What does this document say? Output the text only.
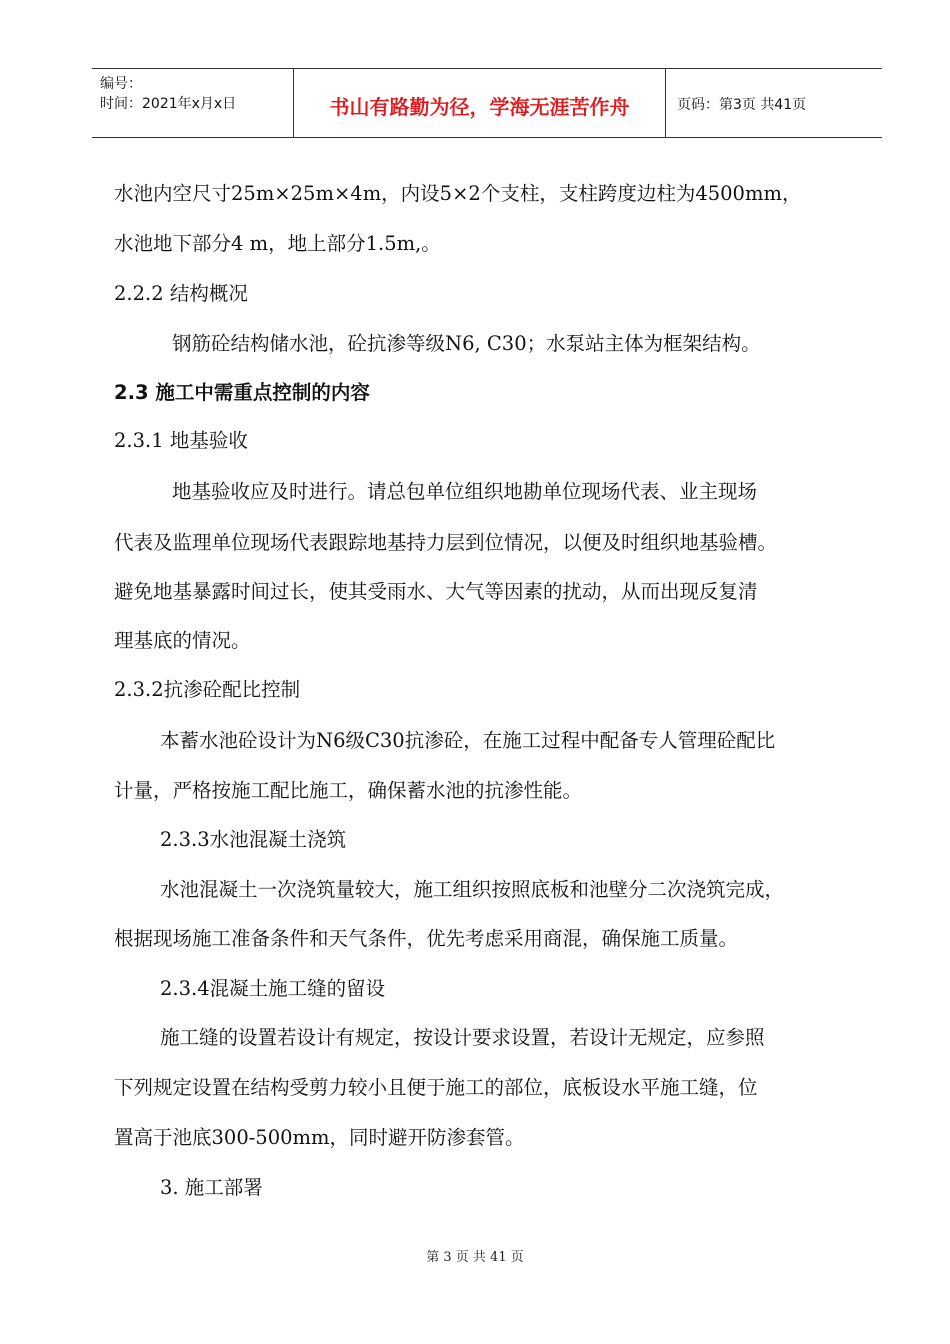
编号：
时间：2021年x月x日	书山有路勤为径，学海无涯苦作舟	页码：第3页 共41页
水池内空尺寸25m×25m×4m，内设5×2个支柱，支柱跨度边柱为4500mm，
水池地下部分4 m，地上部分1.5m,。
2.2.2 结构概况
钢筋砼结构储水池，砼抗渗等级N6, C30；水泵站主体为框架结构。
2.3 施工中需重点控制的内容
2.3.1 地基验收
地基验收应及时进行。请总包单位组织地勘单位现场代表、业主现场
代表及监理单位现场代表跟踪地基持力层到位情况，以便及时组织地基验槽。
避免地基暴露时间过长，使其受雨水、大气等因素的扰动，从而出现反复清
理基底的情况。
2.3.2抗渗砼配比控制
本蓄水池砼设计为N6级C30抗渗砼，在施工过程中配备专人管理砼配比
计量，严格按施工配比施工，确保蓄水池的抗渗性能。
2.3.3水池混凝土浇筑
水池混凝土一次浇筑量较大，施工组织按照底板和池壁分二次浇筑完成，
根据现场施工准备条件和天气条件，优先考虑采用商混，确保施工质量。
2.3.4混凝土施工缝的留设
施工缝的设置若设计有规定，按设计要求设置，若设计无规定，应参照
下列规定设置在结构受剪力较小且便于施工的部位，底板设水平施工缝，位
置高于池底300-500mm，同时避开防渗套管。
3. 施工部署
第 3 页 共 41 页
